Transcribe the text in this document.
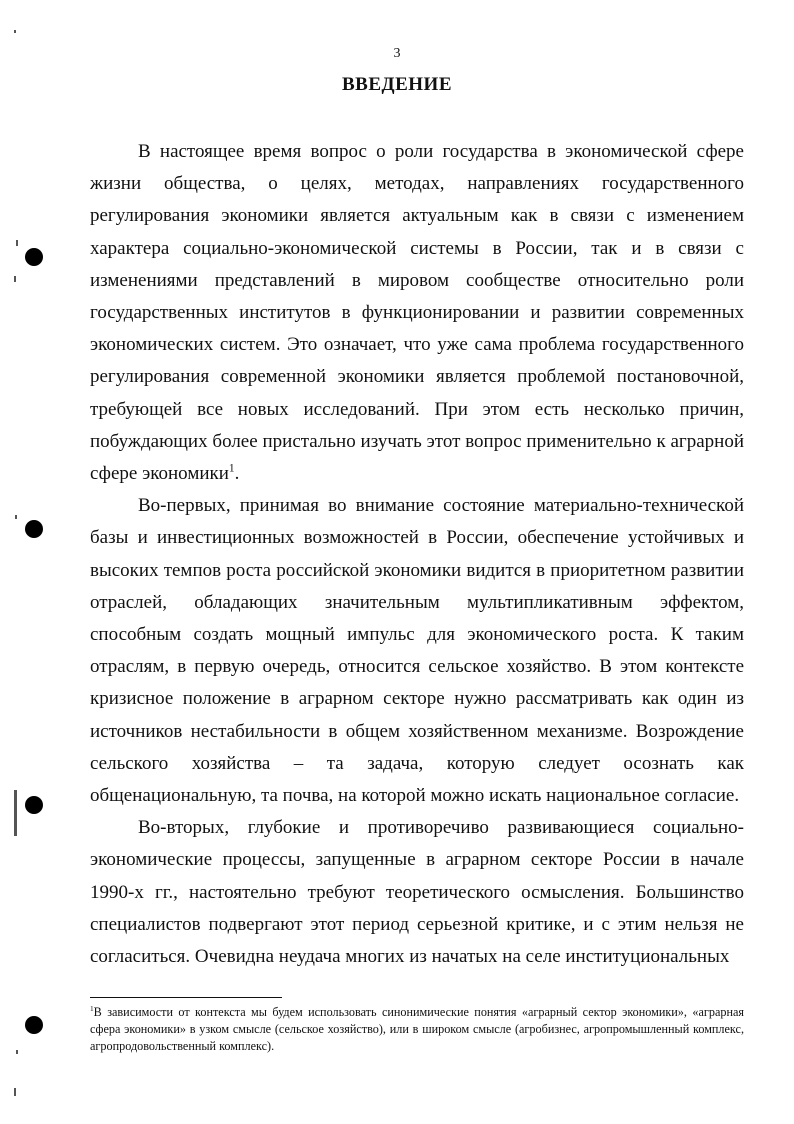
3
ВВЕДЕНИЕ

В настоящее время вопрос о роли государства в экономической сфере жизни общества, о целях, методах, направлениях государственного регулирования экономики является актуальным как в связи с изменением характера социально-экономической системы в России, так и в связи с изменениями представлений в мировом сообществе относительно роли государственных институтов в функционировании и развитии современных экономических систем. Это означает, что уже сама проблема государственного регулирования современной экономики является проблемой постановочной, требующей все новых исследований. При этом есть несколько причин, побуждающих более пристально изучать этот вопрос применительно к аграрной сфере экономики$^1$.

Во-первых, принимая во внимание состояние материально-технической базы и инвестиционных возможностей в России, обеспечение устойчивых и высоких темпов роста российской экономики видится в приоритетном развитии отраслей, обладающих значительным мультипликативным эффектом, способным создать мощный импульс для экономического роста. К таким отраслям, в первую очередь, относится сельское хозяйство. В этом контексте кризисное положение в аграрном секторе нужно рассматривать как один из источников нестабильности в общем хозяйственном механизме. Возрождение сельского хозяйства – та задача, которую следует осознать как общенациональную, та почва, на которой можно искать национальное согласие.

Во-вторых, глубокие и противоречиво развивающиеся социально-экономические процессы, запущенные в аграрном секторе России в начале 1990-х гг., настоятельно требуют теоретического осмысления. Большинство специалистов подвергают этот период серьезной критике, и с этим нельзя не согласиться. Очевидна неудача многих из начатых на селе институциональных

$^1$В зависимости от контекста мы будем использовать синонимические понятия «аграрный сектор экономики», «аграрная сфера экономики» в узком смысле (сельское хозяйство), или в широком смысле (агробизнес, агропромышленный комплекс, агропродовольственный комплекс).
